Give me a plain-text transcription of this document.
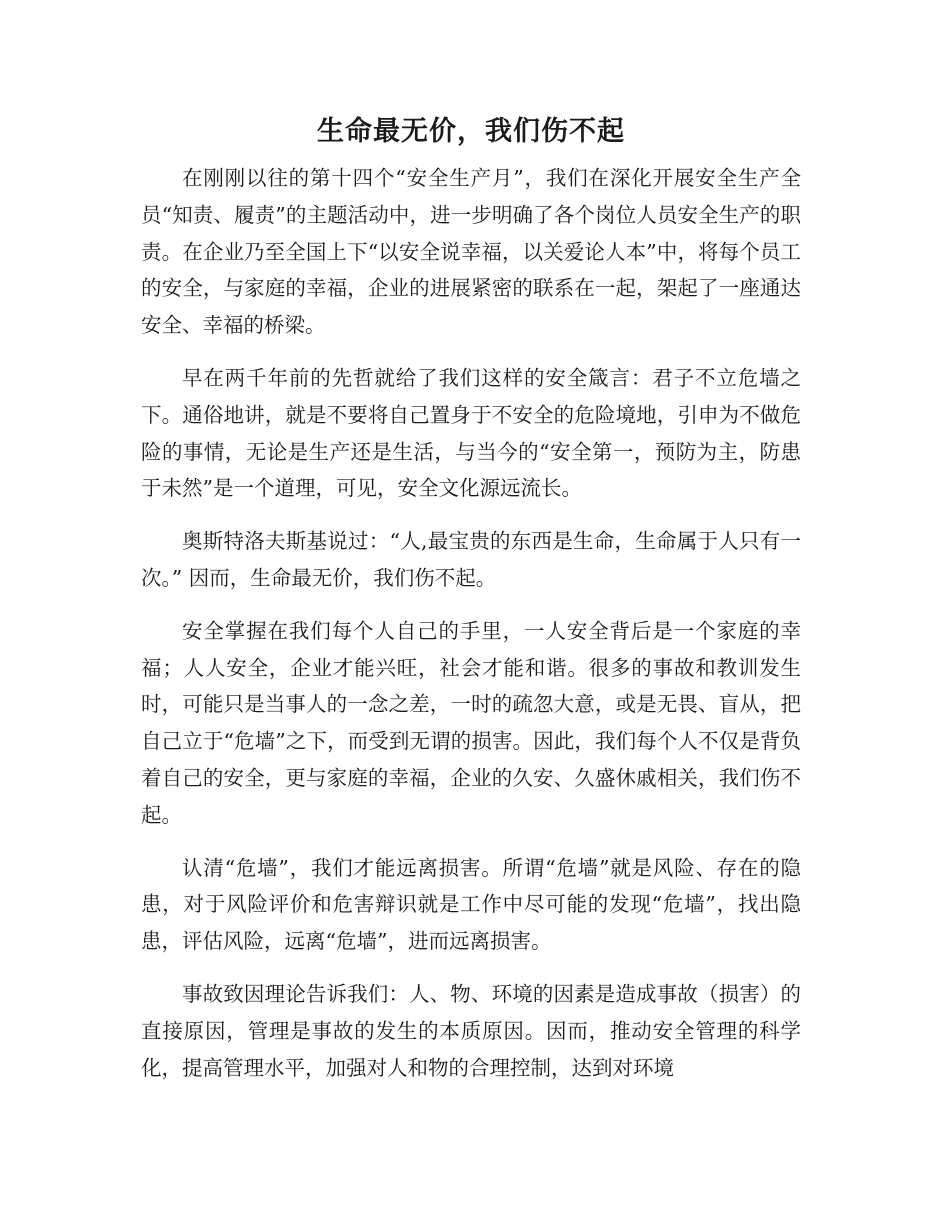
生命最无价，我们伤不起

在刚刚以往的第十四个“安全生产月”，我们在深化开展安全生产全员“知责、履责”的主题活动中，进一步明确了各个岗位人员安全生产的职责。在企业乃至全国上下“以安全说幸福，以关爱论人本”中，将每个员工的安全，与家庭的幸福，企业的进展紧密的联系在一起，架起了一座通达安全、幸福的桥梁。

早在两千年前的先哲就给了我们这样的安全箴言：君子不立危墙之下。通俗地讲，就是不要将自己置身于不安全的危险境地，引申为不做危险的事情，无论是生产还是生活，与当今的“安全第一，预防为主，防患于未然”是一个道理，可见，安全文化源远流长。

奥斯特洛夫斯基说过：“人,最宝贵的东西是生命，生命属于人只有一次。” 因而，生命最无价，我们伤不起。

安全掌握在我们每个人自己的手里，一人安全背后是一个家庭的幸福；人人安全，企业才能兴旺，社会才能和谐。很多的事故和教训发生时，可能只是当事人的一念之差，一时的疏忽大意，或是无畏、盲从，把自己立于“危墙”之下，而受到无谓的损害。因此，我们每个人不仅是背负着自己的安全，更与家庭的幸福，企业的久安、久盛休戚相关，我们伤不起。

认清“危墙”，我们才能远离损害。所谓“危墙”就是风险、存在的隐患，对于风险评价和危害辩识就是工作中尽可能的发现“危墙”，找出隐患，评估风险，远离“危墙”，进而远离损害。

事故致因理论告诉我们：人、物、环境的因素是造成事故（损害）的直接原因，管理是事故的发生的本质原因。因而，推动安全管理的科学化，提高管理水平，加强对人和物的合理控制，达到对环境
